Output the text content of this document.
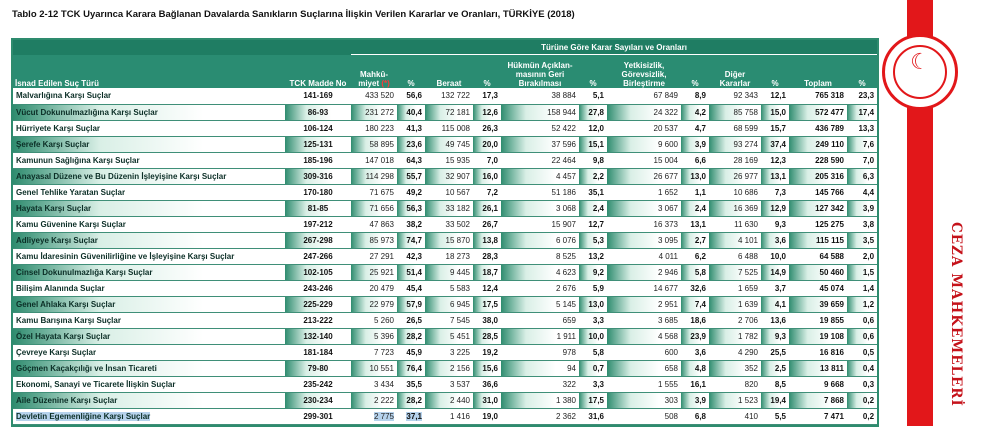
Tablo 2-12 TCK Uyarınca Karara Bağlanan Davalarda Sanıkların Suçlarına İlişkin Verilen Kararlar ve Oranları, TÜRKİYE (2018)
		Türüne Göre Karar Sayıları ve Oranları											
İsnad Edilen Suç Türü	TCK Madde No	Mahkû-miyet (*)	%	Beraat	%	Hükmün Açıklan-masının Geri Bırakılması	%	Yetkisizlik, Görevsizlik, Birleştirme	%	Diğer Kararlar	%	Toplam	%
Malvarlığına Karşı Suçlar	141-169	433 520	56,6	132 722	17,3	38 884	5,1	67 849	8,9	92 343	12,1	765 318	23,3
Vücut Dokunulmazlığına Karşı Suçlar	86-93	231 272	40,4	72 181	12,6	158 944	27,8	24 322	4,2	85 758	15,0	572 477	17,4
Hürriyete Karşı Suçlar	106-124	180 223	41,3	115 008	26,3	52 422	12,0	20 537	4,7	68 599	15,7	436 789	13,3
Şerefe Karşı Suçlar	125-131	58 895	23,6	49 745	20,0	37 596	15,1	9 600	3,9	93 274	37,4	249 110	7,6
Kamunun Sağlığına Karşı Suçlar	185-196	147 018	64,3	15 935	7,0	22 464	9,8	15 004	6,6	28 169	12,3	228 590	7,0
Anayasal Düzene ve Bu Düzenin İşleyişine Karşı Suçlar	309-316	114 298	55,7	32 907	16,0	4 457	2,2	26 677	13,0	26 977	13,1	205 316	6,3
Genel Tehlike Yaratan Suçlar	170-180	71 675	49,2	10 567	7,2	51 186	35,1	1 652	1,1	10 686	7,3	145 766	4,4
Hayata Karşı Suçlar	81-85	71 656	56,3	33 182	26,1	3 068	2,4	3 067	2,4	16 369	12,9	127 342	3,9
Kamu Güvenine Karşı Suçlar	197-212	47 863	38,2	33 502	26,7	15 907	12,7	16 373	13,1	11 630	9,3	125 275	3,8
Adliyeye Karşı Suçlar	267-298	85 973	74,7	15 870	13,8	6 076	5,3	3 095	2,7	4 101	3,6	115 115	3,5
Kamu İdaresinin Güvenilirliğine ve İşleyişine Karşı Suçlar	247-266	27 291	42,3	18 273	28,3	8 525	13,2	4 011	6,2	6 488	10,0	64 588	2,0
Cinsel Dokunulmazlığa Karşı Suçlar	102-105	25 921	51,4	9 445	18,7	4 623	9,2	2 946	5,8	7 525	14,9	50 460	1,5
Bilişim Alanında Suçlar	243-246	20 479	45,4	5 583	12,4	2 676	5,9	14 677	32,6	1 659	3,7	45 074	1,4
Genel Ahlaka Karşı Suçlar	225-229	22 979	57,9	6 945	17,5	5 145	13,0	2 951	7,4	1 639	4,1	39 659	1,2
Kamu Barışına Karşı Suçlar	213-222	5 260	26,5	7 545	38,0	659	3,3	3 685	18,6	2 706	13,6	19 855	0,6
Özel Hayata Karşı Suçlar	132-140	5 396	28,2	5 451	28,5	1 911	10,0	4 568	23,9	1 782	9,3	19 108	0,6
Çevreye Karşı Suçlar	181-184	7 723	45,9	3 225	19,2	978	5,8	600	3,6	4 290	25,5	16 816	0,5
Göçmen Kaçakçılığı ve İnsan Ticareti	79-80	10 551	76,4	2 156	15,6	94	0,7	658	4,8	352	2,5	13 811	0,4
Ekonomi, Sanayi ve Ticarete İlişkin Suçlar	235-242	3 434	35,5	3 537	36,6	322	3,3	1 555	16,1	820	8,5	9 668	0,3
Aile Düzenine Karşı Suçlar	230-234	2 222	28,2	2 440	31,0	1 380	17,5	303	3,9	1 523	19,4	7 868	0,2
Devletin Egemenliğine Karşı Suçlar	299-301	2 775	37,1	1 416	19,0	2 362	31,6	508	6,8	410	5,5	7 471	0,2
☾
CEZA MAHKEMELERİ
